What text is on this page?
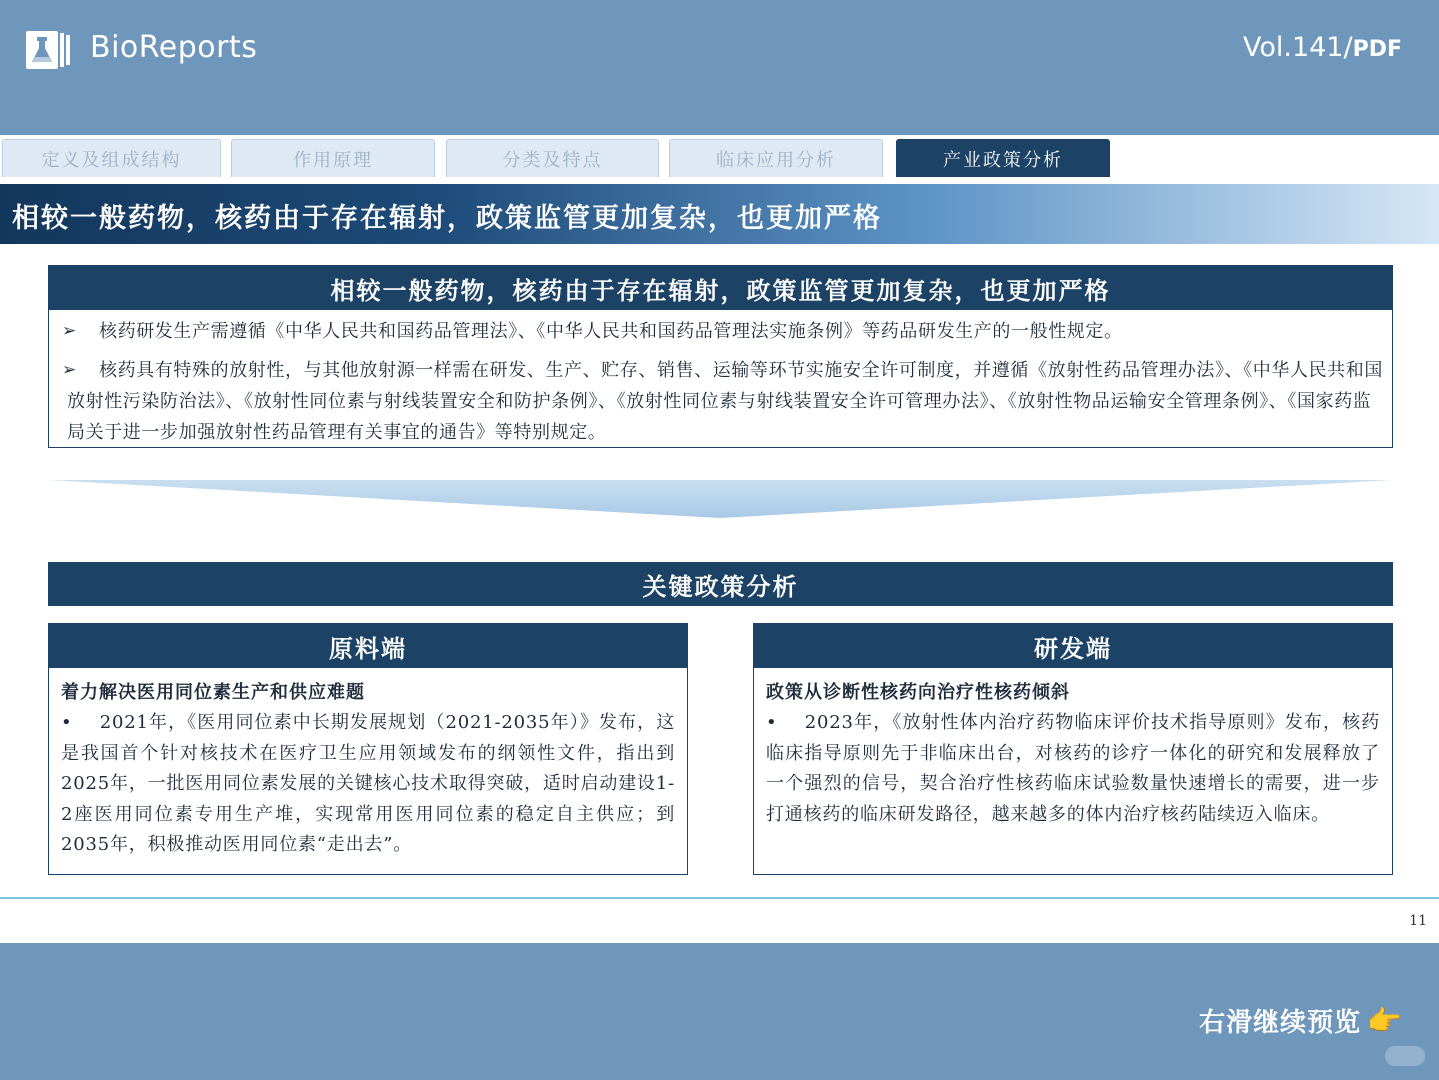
BioReports	Vol.141/PDF
定义及组成结构	作用原理	分类及特点	临床应用分析	产业政策分析
相较一般药物，核药由于存在辐射，政策监管更加复杂，也更加严格
相较一般药物，核药由于存在辐射，政策监管更加复杂，也更加严格
➢ 核药研发生产需遵循《中华人民共和国药品管理法》、《中华人民共和国药品管理法实施条例》等药品研发生产的一般性规定。
➢ 核药具有特殊的放射性，与其他放射源一样需在研发、生产、贮存、销售、运输等环节实施安全许可制度，并遵循《放射性药品管理办法》、《中华人民共和国放射性污染防治法》、《放射性同位素与射线装置安全和防护条例》、《放射性同位素与射线装置安全许可管理办法》、《放射性物品运输安全管理条例》、《国家药监局关于进一步加强放射性药品管理有关事宜的通告》等特别规定。
关键政策分析
原料端
着力解决医用同位素生产和供应难题
• 2021年，《医用同位素中长期发展规划（2021-2035年）》发布，这是我国首个针对核技术在医疗卫生应用领域发布的纲领性文件，指出到2025年，一批医用同位素发展的关键核心技术取得突破，适时启动建设1-2座医用同位素专用生产堆，实现常用医用同位素的稳定自主供应；到2035年，积极推动医用同位素“走出去”。
研发端
政策从诊断性核药向治疗性核药倾斜
• 2023年，《放射性体内治疗药物临床评价技术指导原则》发布，核药临床指导原则先于非临床出台，对核药的诊疗一体化的研究和发展释放了一个强烈的信号，契合治疗性核药临床试验数量快速增长的需要，进一步打通核药的临床研发路径，越来越多的体内治疗核药陆续迈入临床。
11
右滑继续预览 👉
